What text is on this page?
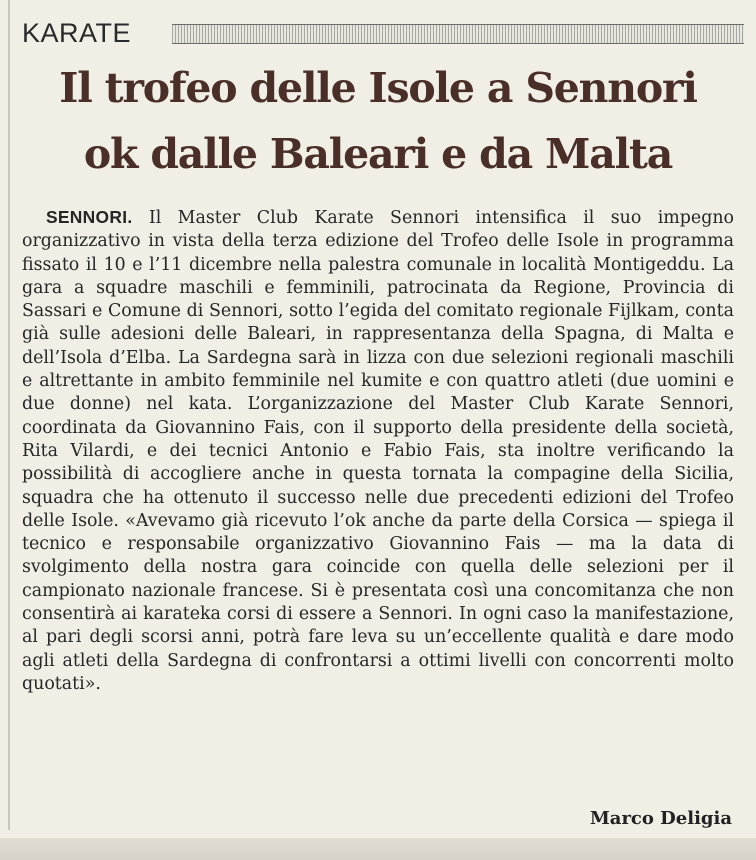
KARATE
Il trofeo delle Isole a Sennori
ok dalle Baleari e da Malta
SENNORI. Il Master Club Karate Sennori intensifica il suo impegno organizzativo in vista della terza edizione del Trofeo delle Isole in programma fissato il 10 e l’11 dicembre nella palestra comunale in località Montigeddu. La gara a squadre maschili e femminili, patrocinata da Regione, Provincia di Sassari e Comune di Sennori, sotto l’egida del comitato regionale Fijlkam, conta già sulle adesioni delle Baleari, in rappresentanza della Spagna, di Malta e dell’Isola d’Elba. La Sardegna sarà in lizza con due selezioni regionali maschili e altrettante in ambito femminile nel kumite e con quattro atleti (due uomini e due donne) nel kata. L’organizzazione del Master Club Karate Sennori, coordinata da Giovannino Fais, con il supporto della presidente della società, Rita Vilardi, e dei tecnici Antonio e Fabio Fais, sta inoltre verificando la possibilità di accogliere anche in questa tornata la compagine della Sicilia, squadra che ha ottenuto il successo nelle due precedenti edizioni del Trofeo delle Isole. «Avevamo già ricevuto l’ok anche da parte della Corsica — spiega il tecnico e responsabile organizzativo Giovannino Fais — ma la data di svolgimento della nostra gara coincide con quella delle selezioni per il campionato nazionale francese. Si è presentata così una concomitanza che non consentirà ai karateka corsi di essere a Sennori. In ogni caso la manifestazione, al pari degli scorsi anni, potrà fare leva su un’eccellente qualità e dare modo agli atleti della Sardegna di confrontarsi a ottimi livelli con concorrenti molto quotati».
Marco Deligia
